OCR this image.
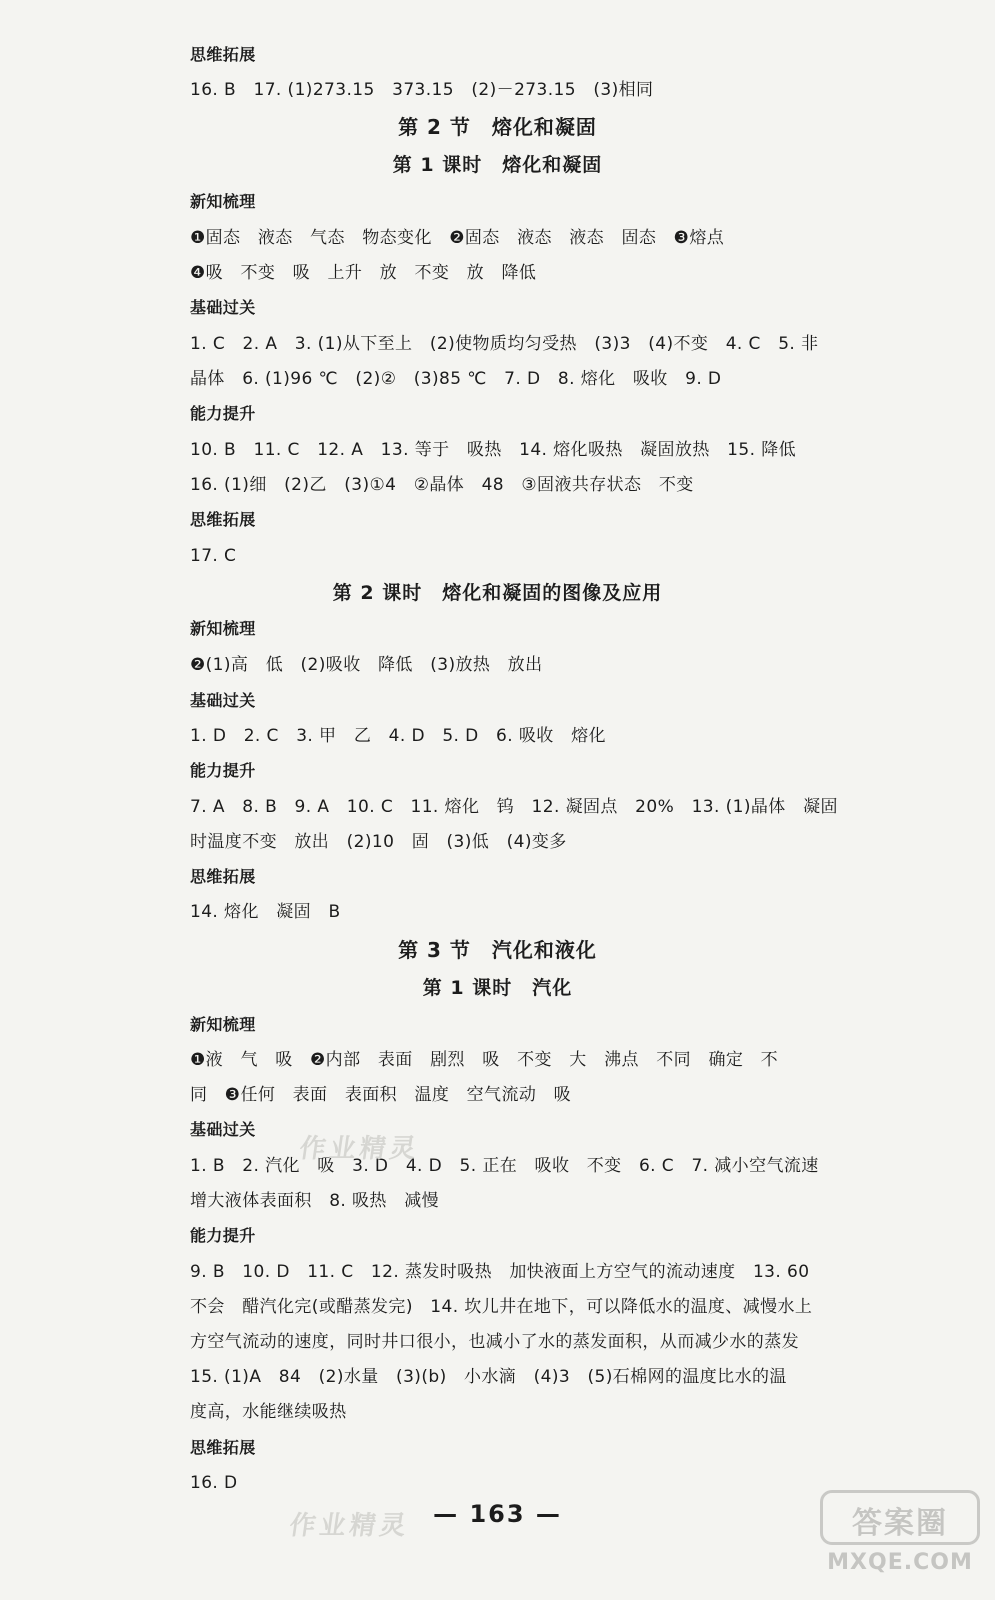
思维拓展
16. B　17. (1)273.15　373.15　(2)－273.15　(3)相同
第 2 节　熔化和凝固
第 1 课时　熔化和凝固
新知梳理
❶固态　液态　气态　物态变化　❷固态　液态　液态　固态　❸熔点
❹吸　不变　吸　上升　放　不变　放　降低
基础过关
1. C　2. A　3. (1)从下至上　(2)使物质均匀受热　(3)3　(4)不变　4. C　5. 非
晶体　6. (1)96 ℃　(2)②　(3)85 ℃　7. D　8. 熔化　吸收　9. D
能力提升
10. B　11. C　12. A　13. 等于　吸热　14. 熔化吸热　凝固放热　15. 降低
16. (1)细　(2)乙　(3)①4　②晶体　48　③固液共存状态　不变
思维拓展
17. C
第 2 课时　熔化和凝固的图像及应用
新知梳理
❷(1)高　低　(2)吸收　降低　(3)放热　放出
基础过关
1. D　2. C　3. 甲　乙　4. D　5. D　6. 吸收　熔化
能力提升
7. A　8. B　9. A　10. C　11. 熔化　钨　12. 凝固点　20%　13. (1)晶体　凝固
时温度不变　放出　(2)10　固　(3)低　(4)变多
思维拓展
14. 熔化　凝固　B
第 3 节　汽化和液化
第 1 课时　汽化
新知梳理
❶液　气　吸　❷内部　表面　剧烈　吸　不变　大　沸点　不同　确定　不
同　❸任何　表面　表面积　温度　空气流动　吸
基础过关
1. B　2. 汽化　吸　3. D　4. D　5. 正在　吸收　不变　6. C　7. 减小空气流速
增大液体表面积　8. 吸热　减慢
能力提升
9. B　10. D　11. C　12. 蒸发时吸热　加快液面上方空气的流动速度　13. 60
不会　醋汽化完(或醋蒸发完)　14. 坎儿井在地下，可以降低水的温度、减慢水上
方空气流动的速度，同时井口很小，也减小了水的蒸发面积，从而减少水的蒸发
15. (1)A　84　(2)水量　(3)(b)　小水滴　(4)3　(5)石棉网的温度比水的温
度高，水能继续吸热
思维拓展
16. D
作业精灵
作业精灵 — 163 —	答案圈
MXQE.COM
